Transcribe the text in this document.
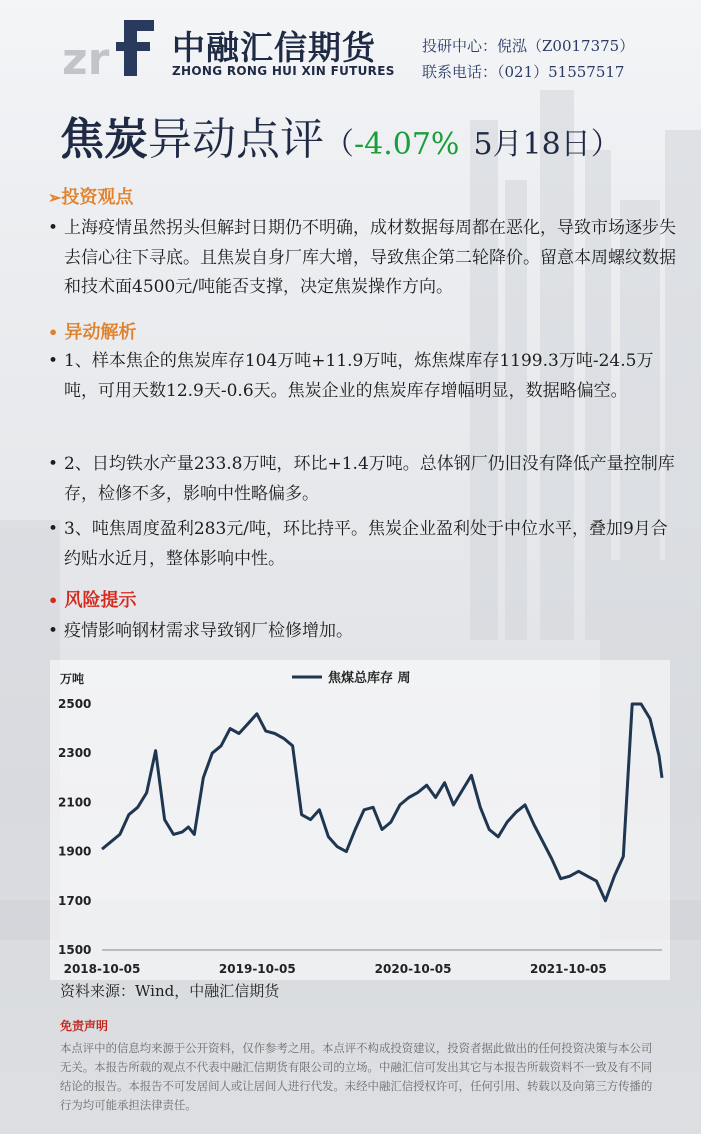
zr 中融汇信期货
ZHONG RONG HUI XIN FUTURES
投研中心：倪泓（Z0017375）
联系电话：（021）51557517
焦炭异动点评（-4.07% 5月18日）
➢投资观点
• 上海疫情虽然拐头但解封日期仍不明确，成材数据每周都在恶化，导致市场逐步失去信心往下寻底。且焦炭自身厂库大增，导致焦企第二轮降价。留意本周螺纹数据和技术面4500元/吨能否支撑，决定焦炭操作方向。
• 异动解析
• 1、样本焦企的焦炭库存104万吨+11.9万吨，炼焦煤库存1199.3万吨-24.5万吨，可用天数12.9天-0.6天。焦炭企业的焦炭库存增幅明显，数据略偏空。
• 2、日均铁水产量233.8万吨，环比+1.4万吨。总体钢厂仍旧没有降低产量控制库存，检修不多，影响中性略偏多。
• 3、吨焦周度盈利283元/吨，环比持平。焦炭企业盈利处于中位水平，叠加9月合约贴水近月，整体影响中性。
• 风险提示
• 疫情影响钢材需求导致钢厂检修增加。
万吨	焦煤总库存 周
1500
1700
1900
2100
2300
2500
2018-10-05	2019-10-05	2020-10-05	2021-10-05
资料来源：Wind，中融汇信期货
免责声明
本点评中的信息均来源于公开资料，仅作参考之用。本点评不构成投资建议，投资者据此做出的任何投资决策与本公司无关。本报告所载的观点不代表中融汇信期货有限公司的立场。中融汇信可发出其它与本报告所载资料不一致及有不同结论的报告。本报告不可发居间人或让居间人进行代发。未经中融汇信授权许可，任何引用、转载以及向第三方传播的行为均可能承担法律责任。
